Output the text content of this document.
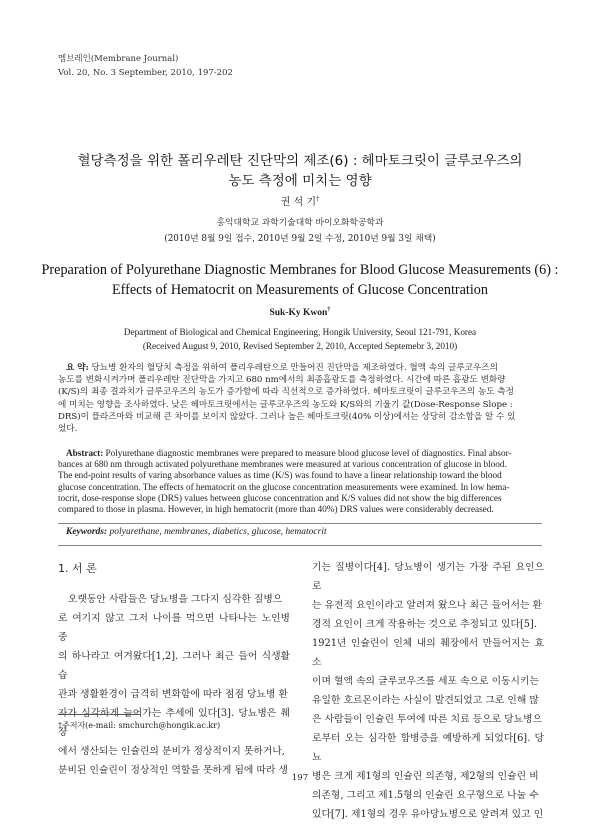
멤브레인(Membrane Journal)
Vol. 20, No. 3 September, 2010, 197-202
혈당측정을 위한 폴리우레탄 진단막의 제조(6) : 헤마토크릿이 글루코우즈의
농도 측정에 미치는 영향
권 석 기†
홍익대학교 과학기술대학 바이오화학공학과
(2010년 8월 9일 접수, 2010년 9월 2일 수정, 2010년 9월 3일 채택)
Preparation of Polyurethane Diagnostic Membranes for Blood Glucose Measurements (6) :
Effects of Hematocrit on Measurements of Glucose Concentration
Suk-Ky Kwon†
Department of Biological and Chemical Engineering, Hongik University, Seoul 121-791, Korea
(Received August 9, 2010, Revised September 2, 2010, Accepted Septemebr 3, 2010)
요 약: 당뇨병 환자의 혈당치 측정을 위하여 폴리우레탄으로 만들어진 진단막을 제조하였다. 혈액 속의 글루코우즈의
농도를 변화시켜가며 폴리우레탄 진단막을 가지고 680 nm에서의 최종흡광도를 측정하였다. 시간에 따른 흡광도 변화량
(K/S)의 최종 결과치가 글루코우즈의 농도가 증가함에 따라 직선적으로 증가하였다. 헤마토크릿이 글루코우즈의 농도 측정
에 미치는 영향을 조사하였다. 낮은 헤마토크릿에서는 글루코우즈의 농도와 K/S와의 기울기 값(Dose-Response Slope :
DRS)이 플라즈마와 비교해 큰 차이를 보이지 않았다. 그러나 높은 헤마토크릿(40% 이상)에서는 상당히 감소함을 알 수 있
었다.
Abstract: Polyurethane diagnostic membranes were prepared to measure blood glucose level of diagnostics. Final absor-
bances at 680 nm through activated polyurethane membranes were measured at various concentration of glucose in blood.
The end-point results of varing absorbance values as time (K/S) was found to have a linear relationship toward the blood
glucose concentration. The effects of hematocrit on the glucose concentration measurements were examined. In low hema-
tocrit, dose-response slope (DRS) values between glucose concentration and K/S values did not show the big differences
compared to those in plasma. However, in high hematocrit (more than 40%) DRS values were considerably decreased.
Keywords: polyurethane, membranes, diabetics, glucose, hematocrit
1. 서 론
오랫동안 사람들은 당뇨병을 그다지 심각한 질병으
로 여기지 않고 그저 나이를 먹으면 나타나는 노인병 중
의 하나라고 여겨왔다[1,2]. 그러나 최근 들어 식생활습
관과 생활환경이 급격히 변화함에 따라 점점 당뇨병 환
자가 심각하게 늘어가는 추세에 있다[3]. 당뇨병은 췌장
에서 생산되는 인슐린의 분비가 정상적이지 못하거나,
분비된 인슐린이 정상적인 역할을 못하게 됨에 따라 생
기는 질병이다[4]. 당뇨병이 생기는 가장 주된 요인으로
는 유전적 요인이라고 알려져 왔으나 최근 들어서는 환
경적 요인이 크게 작용하는 것으로 추정되고 있다[5].
1921년 인슐린이 인체 내의 췌장에서 만들어지는 효소
이며 혈액 속의 글루코우즈를 세포 속으로 이동시키는
유일한 호르몬이라는 사실이 발견되었고 그로 인해 많
은 사람들이 인슐린 투여에 따른 치료 등으로 당뇨병으
로부터 오는 심각한 합병증을 예방하게 되었다[6]. 당뇨
병은 크게 제1형의 인슐린 의존형, 제2형의 인슐린 비
의존형, 그리고 제1.5형의 인슐린 요구형으로 나눌 수
있다[7]. 제1형의 경우 유아당뇨병으로 알려져 있고 인
†주저자(e-mail: smchurch@hongik.ac.kr)
197
